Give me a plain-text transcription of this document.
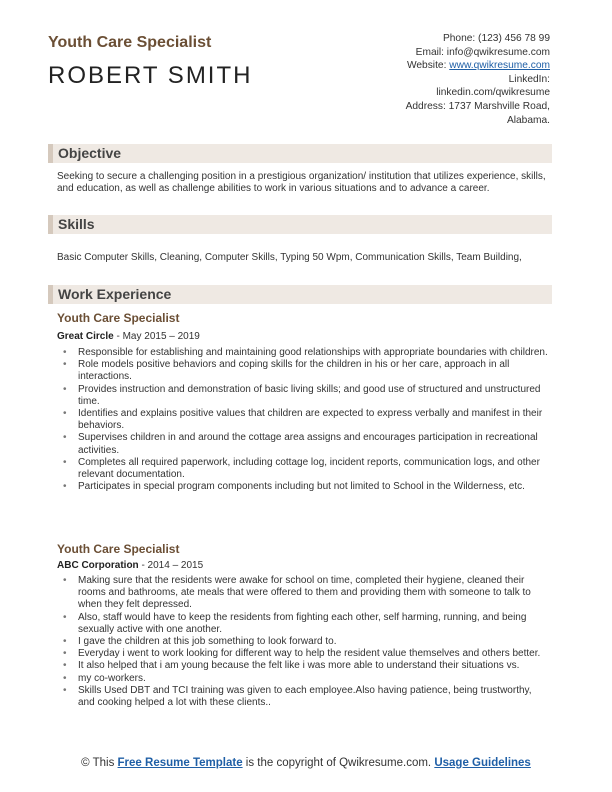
Youth Care Specialist
ROBERT SMITH
Phone: (123) 456 78 99
Email: info@qwikresume.com
Website: www.qwikresume.com
LinkedIn:
linkedin.com/qwikresume
Address: 1737 Marshville Road,
Alabama.
Objective
Seeking to secure a challenging position in a prestigious organization/ institution that utilizes experience, skills, and education, as well as challenge abilities to work in various situations and to advance a career.
Skills
Basic Computer Skills, Cleaning, Computer Skills, Typing 50 Wpm, Communication Skills, Team Building,
Work Experience
Youth Care Specialist
Great Circle - May 2015 – 2019
• Responsible for establishing and maintaining good relationships with appropriate boundaries with children.
• Role models positive behaviors and coping skills for the children in his or her care, approach in all interactions.
• Provides instruction and demonstration of basic living skills; and good use of structured and unstructured time.
• Identifies and explains positive values that children are expected to express verbally and manifest in their behaviors.
• Supervises children in and around the cottage area assigns and encourages participation in recreational activities.
• Completes all required paperwork, including cottage log, incident reports, communication logs, and other relevant documentation.
• Participates in special program components including but not limited to School in the Wilderness, etc.
Youth Care Specialist
ABC Corporation - 2014 – 2015
• Making sure that the residents were awake for school on time, completed their hygiene, cleaned their rooms and bathrooms, ate meals that were offered to them and providing them with someone to talk to when they felt depressed.
• Also, staff would have to keep the residents from fighting each other, self harming, running, and being sexually active with one another.
• I gave the children at this job something to look forward to.
• Everyday i went to work looking for different way to help the resident value themselves and others better.
• It also helped that i am young because the felt like i was more able to understand their situations vs.
• my co-workers.
• Skills Used DBT and TCI training was given to each employee.Also having patience, being trustworthy, and cooking helped a lot with these clients..
© This Free Resume Template is the copyright of Qwikresume.com. Usage Guidelines
